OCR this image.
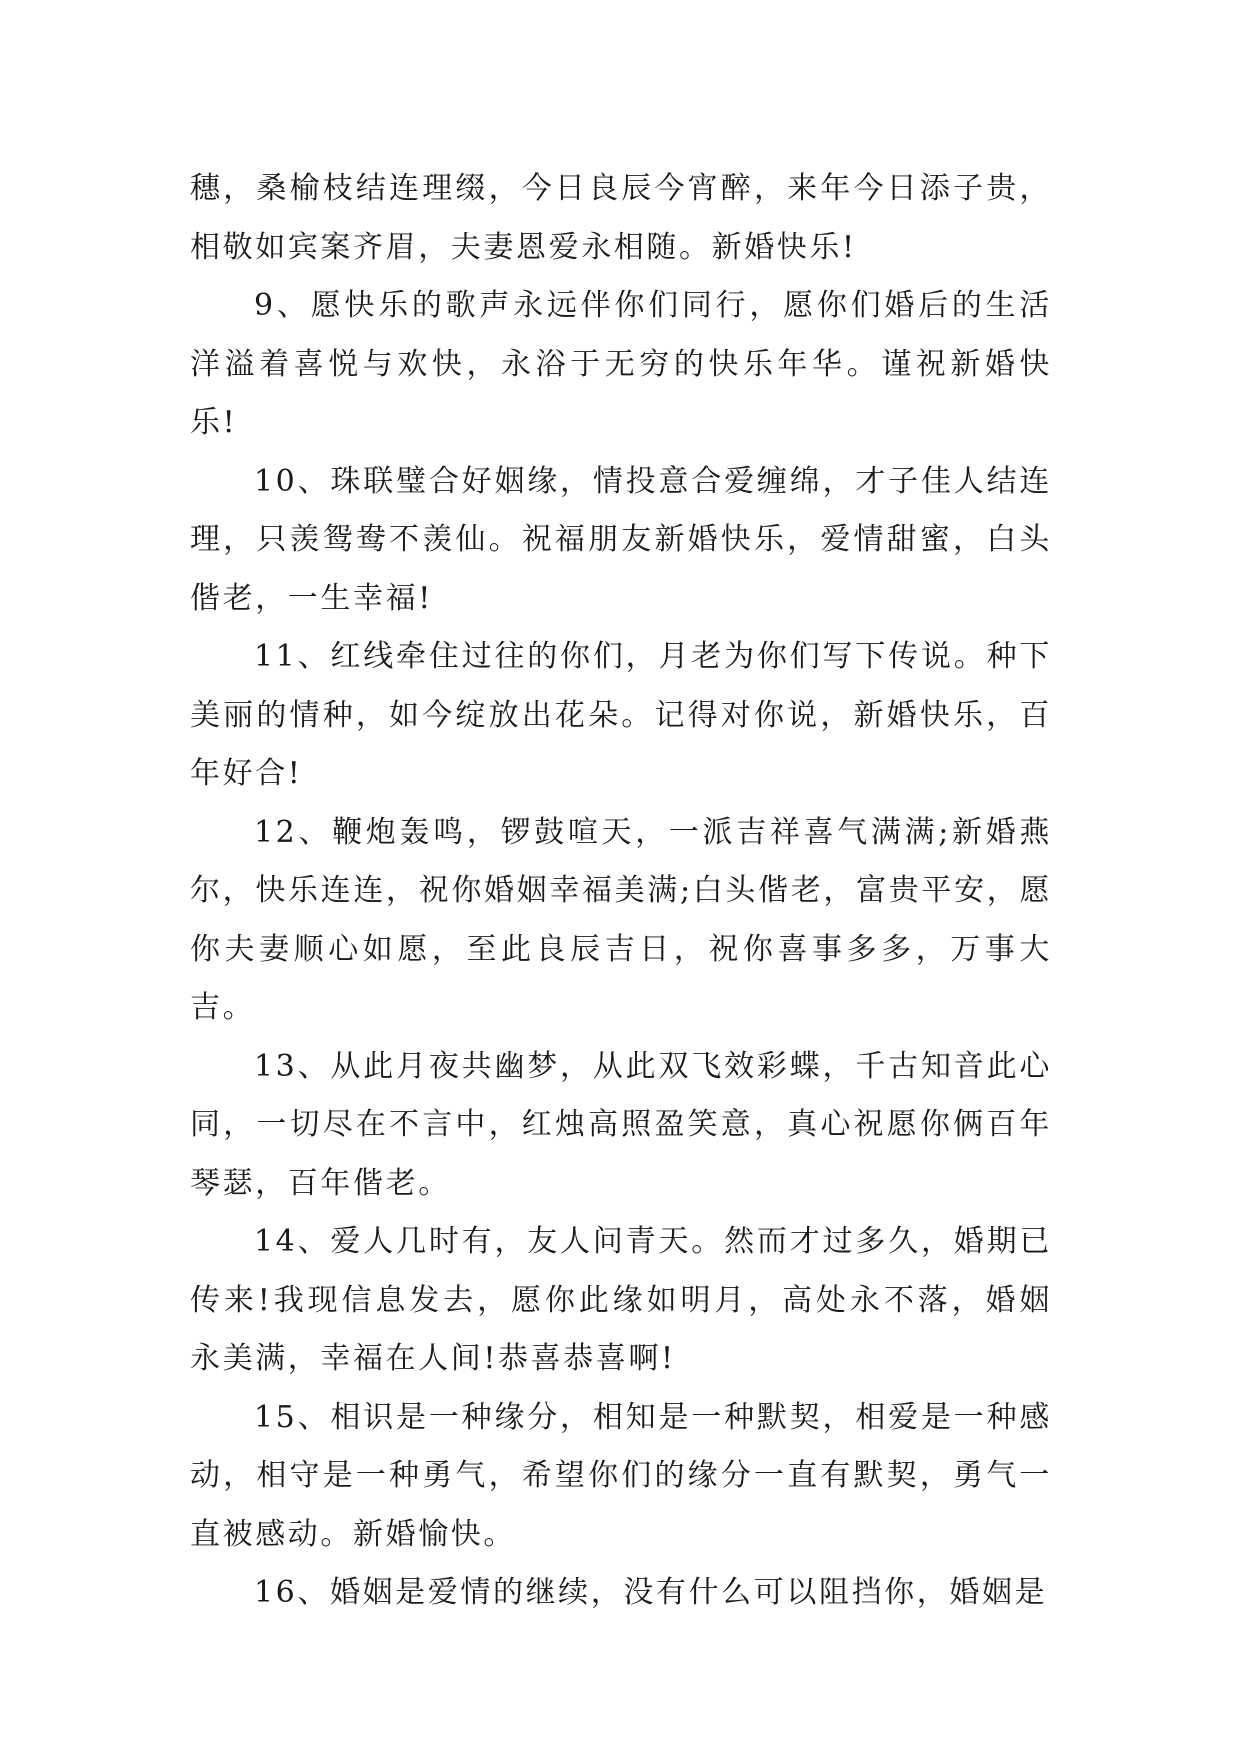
穗，桑榆枝结连理缀，今日良辰今宵醉，来年今日添子贵，相敬如宾案齐眉，夫妻恩爱永相随。新婚快乐!

9、愿快乐的歌声永远伴你们同行，愿你们婚后的生活洋溢着喜悦与欢快，永浴于无穷的快乐年华。谨祝新婚快乐!

10、珠联璧合好姻缘，情投意合爱缠绵，才子佳人结连理，只羡鸳鸯不羡仙。祝福朋友新婚快乐，爱情甜蜜，白头偕老，一生幸福!

11、红线牵住过往的你们，月老为你们写下传说。种下美丽的情种，如今绽放出花朵。记得对你说，新婚快乐，百年好合!

12、鞭炮轰鸣，锣鼓喧天，一派吉祥喜气满满;新婚燕尔，快乐连连，祝你婚姻幸福美满;白头偕老，富贵平安，愿你夫妻顺心如愿，至此良辰吉日，祝你喜事多多，万事大吉。

13、从此月夜共幽梦，从此双飞效彩蝶，千古知音此心同，一切尽在不言中，红烛高照盈笑意，真心祝愿你俩百年琴瑟，百年偕老。

14、爱人几时有，友人问青天。然而才过多久，婚期已传来!我现信息发去，愿你此缘如明月，高处永不落，婚姻永美满，幸福在人间!恭喜恭喜啊!

15、相识是一种缘分，相知是一种默契，相爱是一种感动，相守是一种勇气，希望你们的缘分一直有默契，勇气一直被感动。新婚愉快。

16、婚姻是爱情的继续，没有什么可以阻挡你，婚姻是
